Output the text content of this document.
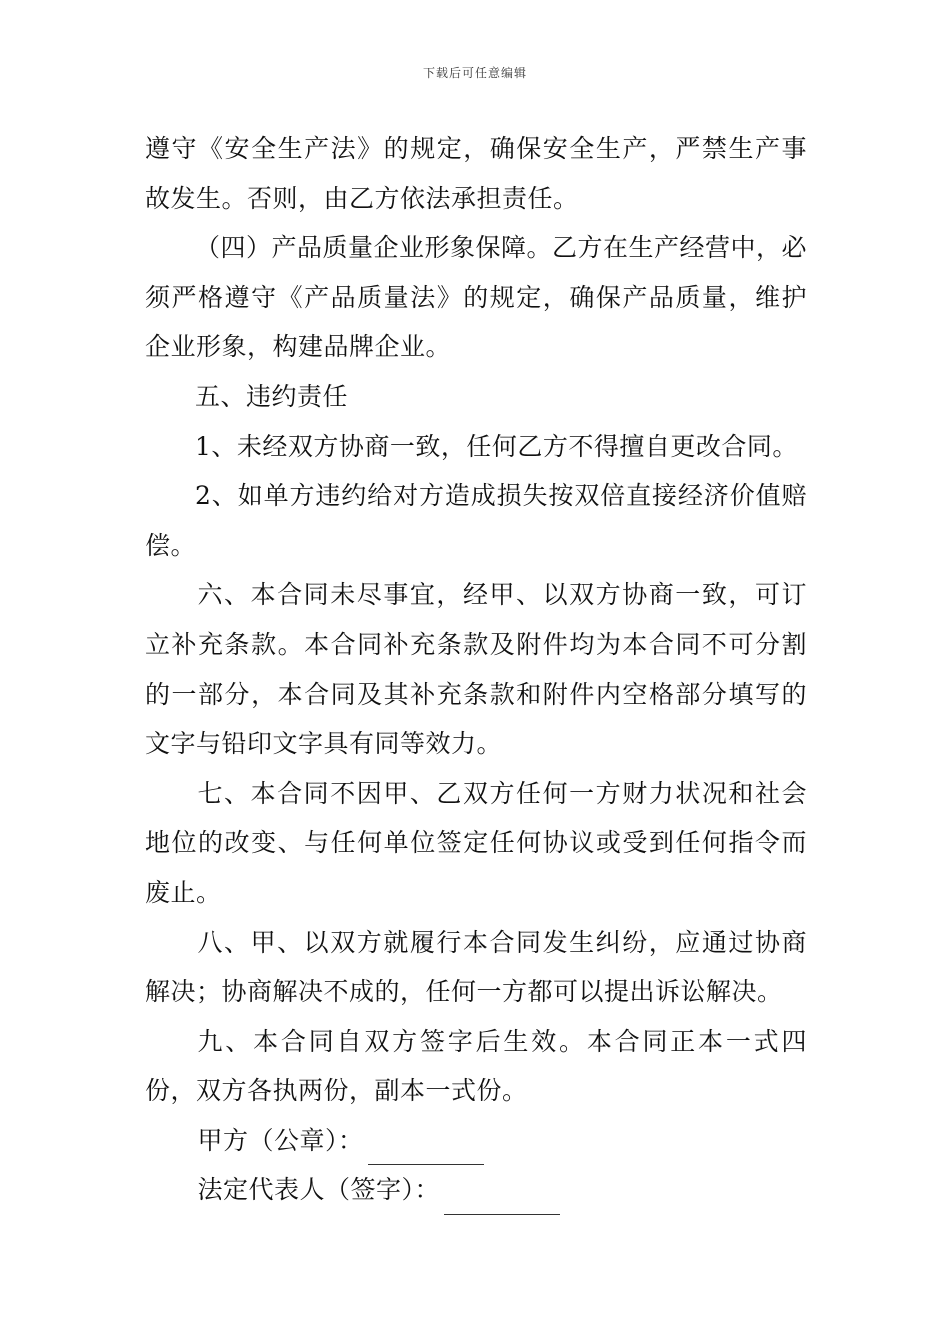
下载后可任意编辑

遵守《安全生产法》的规定，确保安全生产，严禁生产事故发生。否则，由乙方依法承担责任。

（四）产品质量企业形象保障。乙方在生产经营中，必须严格遵守《产品质量法》的规定，确保产品质量，维护企业形象，构建品牌企业。

五、违约责任

1、未经双方协商一致，任何乙方不得擅自更改合同。

2、如单方违约给对方造成损失按双倍直接经济价值赔偿。

六、本合同未尽事宜，经甲、以双方协商一致，可订立补充条款。本合同补充条款及附件均为本合同不可分割的一部分，本合同及其补充条款和附件内空格部分填写的文字与铅印文字具有同等效力。

七、本合同不因甲、乙双方任何一方财力状况和社会地位的改变、与任何单位签定任何协议或受到任何指令而废止。

八、甲、以双方就履行本合同发生纠纷，应通过协商解决；协商解决不成的，任何一方都可以提出诉讼解决。

九、本合同自双方签字后生效。本合同正本一式四份，双方各执两份，副本一式份。

甲方（公章）：

法定代表人（签字）：
